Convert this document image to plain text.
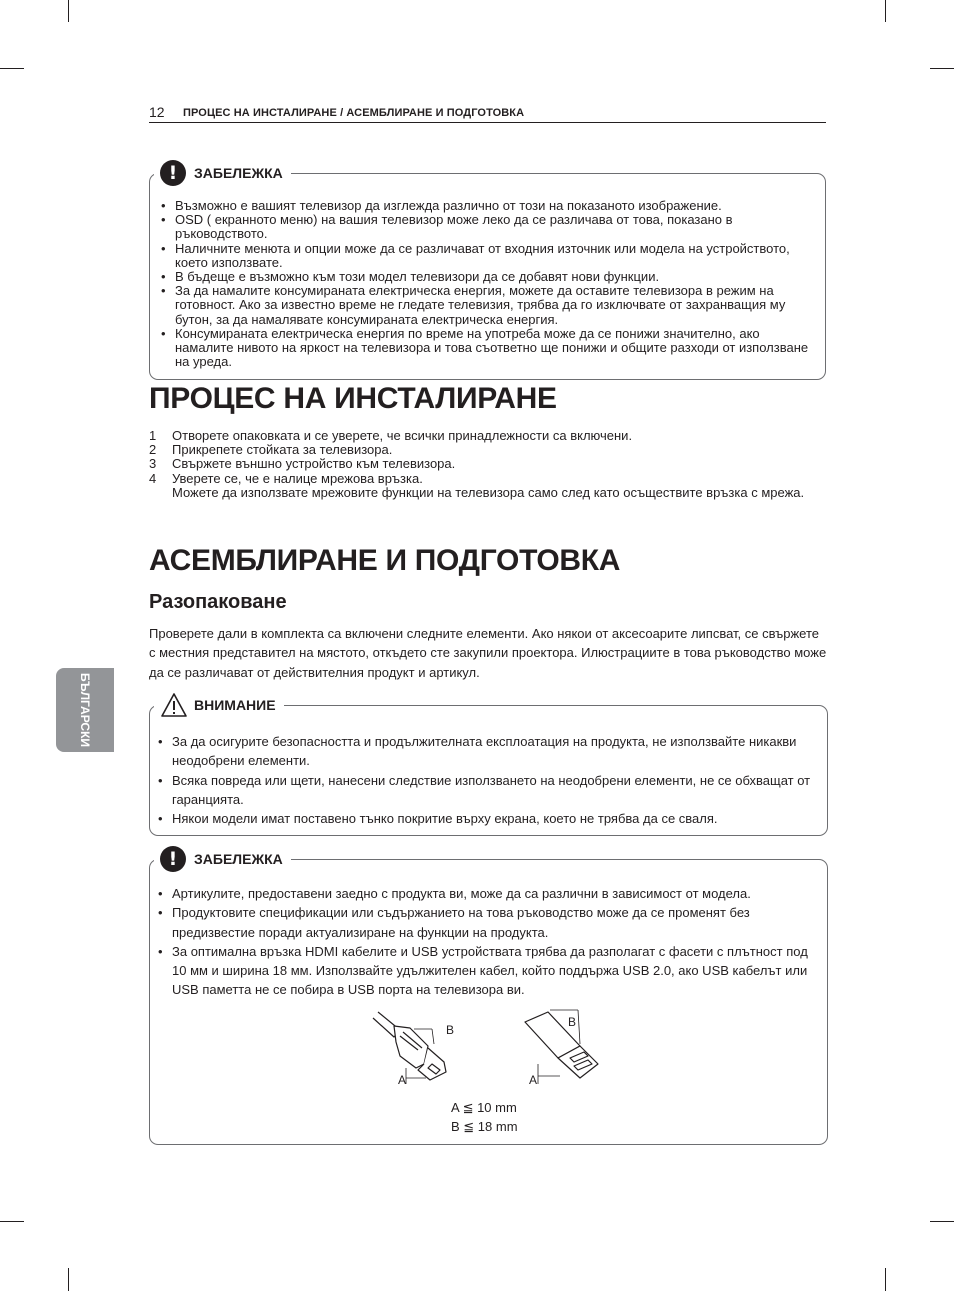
12 ПРОЦЕС НА ИНСТАЛИРАНЕ / АСЕМБЛИРАНЕ И ПОДГОТОВКА
БЪЛГАРСКИ
!	ЗАБЕЛЕЖКА
• Възможно е вашият телевизор да изглежда различно от този на показаното изображение.
• OSD ( екранното меню) на вашия телевизор може леко да се различава от това, показано в ръководството.
• Наличните менюта и опции може да се различават от входния източник или модела на устройството, което използвате.
• В бъдеще е възможно към този модел телевизори да се добавят нови функции.
• За да намалите консумираната електрическа енергия, можете да оставите телевизора в режим на готовност. Ако за известно време не гледате телевизия, трябва да го изключвате от захранващия му бутон, за да намалявате консумираната електрическа енергия.
• Консумираната електрическа енергия по време на употреба може да се понижи значително, ако намалите нивото на яркост на телевизора и това съответно ще понижи и общите разходи от използване на уреда.
ПРОЦЕС НА ИНСТАЛИРАНЕ
1 Отворете опаковката и се уверете, че всички принадлежности са включени.
2 Прикрепете стойката за телевизора.
3 Свържете външно устройство към телевизора.
4 Уверете се, че е налице мрежова връзка.
Можете да използвате мрежовите функции на телевизора само след като осъществите връзка с мрежа.
АСЕМБЛИРАНЕ И ПОДГОТОВКА
Разопаковане
Проверете дали в комплекта са включени следните елементи. Ако някои от аксесоарите липсват, се свържете с местния представител на мястото, откъдето сте закупили проектора. Илюстрациите в това ръководство може да се различават от действителния продукт и артикул.
ВНИМАНИЕ
• За да осигурите безопасността и продължителната експлоатация на продукта, не използвайте никакви неодобрени елементи.
• Всяка повреда или щети, нанесени следствие използването на неодобрени елементи, не се обхващат от гаранцията.
• Някои модели имат поставено тънко покритие върху екрана, което не трябва да се сваля.
!	ЗАБЕЛЕЖКА
• Артикулите, предоставени заедно с продукта ви, може да са различни в зависимост от модела.
• Продуктовите спецификации или съдържанието на това ръководство може да се променят без предизвестие поради актуализиране на функции на продукта.
• За оптимална връзка HDMI кабелите и USB устройствата трябва да разполагат с фасети с плътност под 10 мм и ширина 18 мм. Използвайте удължителен кабел, който поддържа USB 2.0, ако USB кабелът или USB паметта не се побира в USB порта на телевизора ви.
B
A
B
A
A ≦ 10 mm
B ≦ 18 mm
